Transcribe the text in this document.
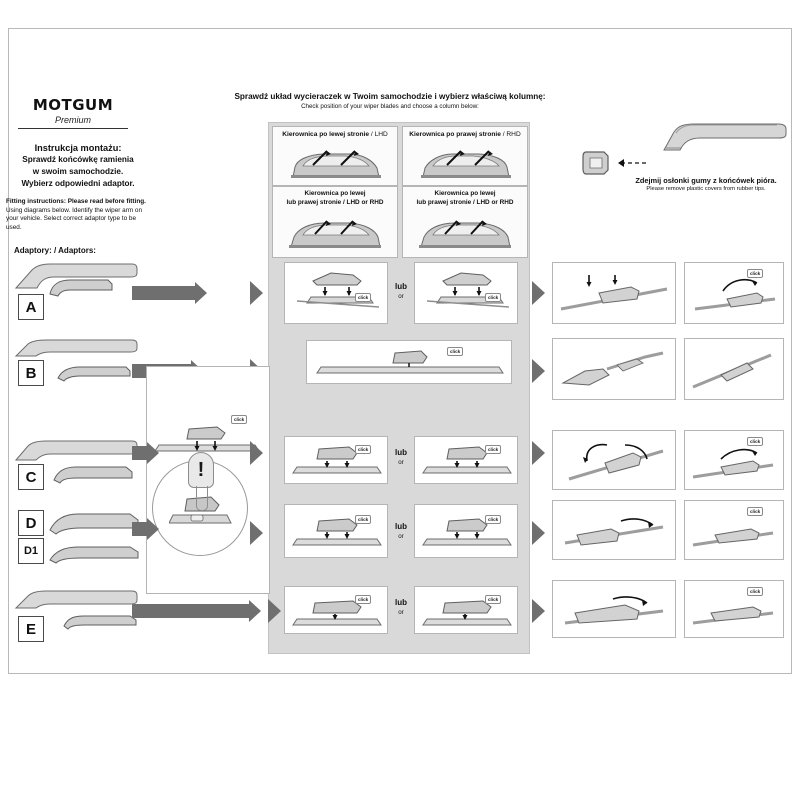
MOTGUM
Premium
Instrukcja montażu:
Sprawdź końcówkę ramienia
w swoim samochodzie.
Wybierz odpowiedni adaptor.
Fitting instructions: Please read before fitting.
Using diagrams below. Identify the wiper arm on your vehicle. Select correct adaptor type to be used.
Adaptory: / Adaptors:
Sprawdź układ wycieraczek w Twoim samochodzie i wybierz właściwą kolumnę:
Check position of your wiper blades and choose a column below:
Kierownica po lewej stronie / LHD	Kierownica po prawej stronie / RHD
Kierownica po lewej
lub prawej stronie / LHD or RHD
Kierownica po lewej
lub prawej stronie / LHD or RHD
Zdejmij osłonki gumy z końcówek pióra.
Please remove plastic covers from rubber tips.
A
click
lub
or	click
click
B
click
click
!
C
click	lub
or
click
click
D
D1
click
lub
or
click
click
E
click	lub
or
click
click
